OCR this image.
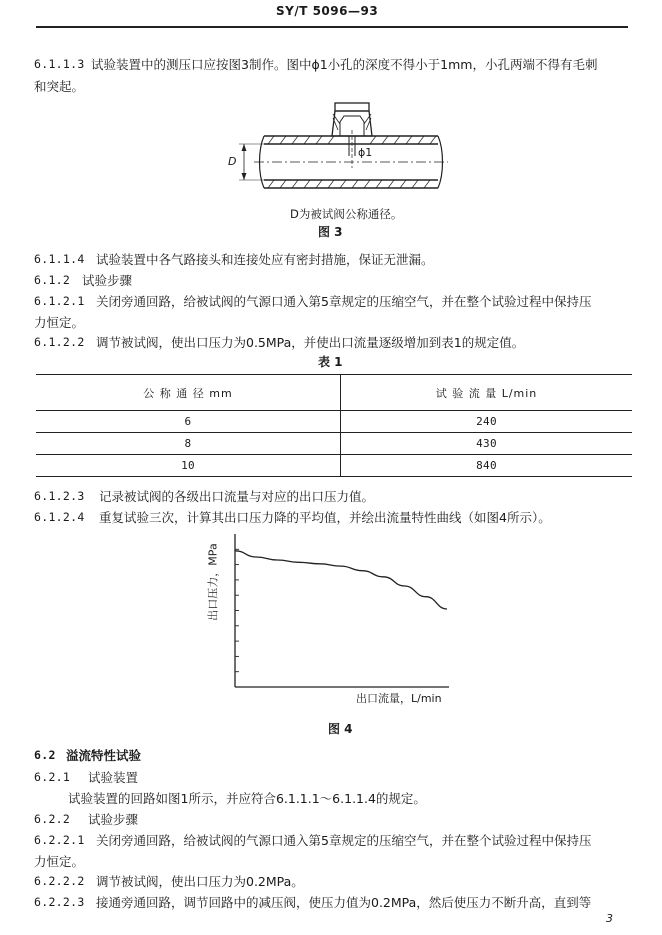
SY/T 5096—93
6.1.1.3 试验装置中的测压口应按图3制作。图中ϕ1小孔的深度不得小于1mm，小孔两端不得有毛刺
和突起。
D
ϕ1
D为被试阀公称通径。
图 3
6.1.1.4 试验装置中各气路接头和连接处应有密封措施，保证无泄漏。
6.1.2 试验步骤
6.1.2.1 关闭旁通回路，给被试阀的气源口通入第5章规定的压缩空气，并在整个试验过程中保持压
力恒定。
6.1.2.2 调节被试阀，使出口压力为0.5MPa，并使出口流量逐级增加到表1的规定值。
表 1
公 称 通 径 mm	试 验 流 量 L/min
6	240
8	430
10	840
6.1.2.3 记录被试阀的各级出口流量与对应的出口压力值。
6.1.2.4 重复试验三次，计算其出口压力降的平均值，并绘出流量特性曲线（如图4所示）。
出口压力，MPa
出口流量，L/min
图 4
6.2 溢流特性试验
6.2.1 试验装置
试验装置的回路如图1所示，并应符合6.1.1.1～6.1.1.4的规定。
6.2.2 试验步骤
6.2.2.1 关闭旁通回路，给被试阀的气源口通入第5章规定的压缩空气，并在整个试验过程中保持压
力恒定。
6.2.2.2 调节被试阀，使出口压力为0.2MPa。
6.2.2.3 接通旁通回路，调节回路中的减压阀，使压力值为0.2MPa，然后使压力不断升高，直到等
3
